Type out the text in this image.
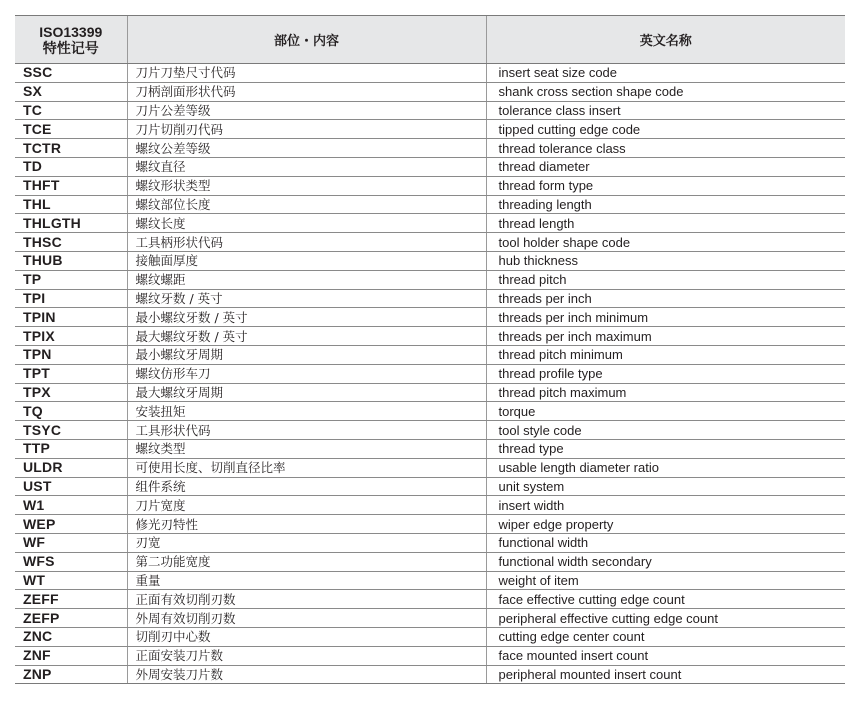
ISO13399
特性记号	部位・内容	英文名称
SSC	刀片刀垫尺寸代码	insert seat size code
SX	刀柄剖面形状代码	shank cross section shape code
TC	刀片公差等级	tolerance class insert
TCE	刀片切削刃代码	tipped cutting edge code
TCTR	螺纹公差等级	thread tolerance class
TD	螺纹直径	thread diameter
THFT	螺纹形状类型	thread form type
THL	螺纹部位长度	threading length
THLGTH	螺纹长度	thread length
THSC	工具柄形状代码	tool holder shape code
THUB	接触面厚度	hub thickness
TP	螺纹螺距	thread pitch
TPI	螺纹牙数 / 英寸	threads per inch
TPIN	最小螺纹牙数 / 英寸	threads per inch minimum
TPIX	最大螺纹牙数 / 英寸	threads per inch maximum
TPN	最小螺纹牙周期	thread pitch minimum
TPT	螺纹仿形车刀	thread profile type
TPX	最大螺纹牙周期	thread pitch maximum
TQ	安装扭矩	torque
TSYC	工具形状代码	tool style code
TTP	螺纹类型	thread type
ULDR	可使用长度、切削直径比率	usable length diameter ratio
UST	组件系统	unit system
W1	刀片宽度	insert width
WEP	修光刃特性	wiper edge property
WF	刃宽	functional width
WFS	第二功能宽度	functional width secondary
WT	重量	weight of item
ZEFF	正面有效切削刃数	face effective cutting edge count
ZEFP	外周有效切削刃数	peripheral effective cutting edge count
ZNC	切削刃中心数	cutting edge center count
ZNF	正面安装刀片数	face mounted insert count
ZNP	外周安装刀片数	peripheral mounted insert count
